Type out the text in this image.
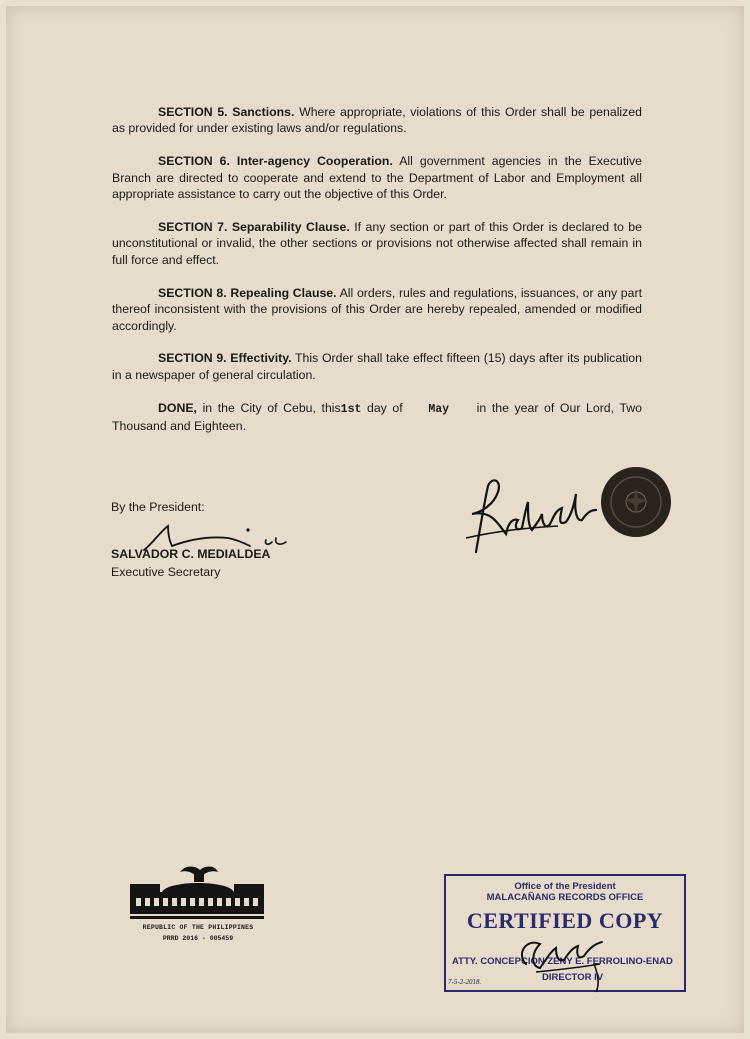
SECTION 5. Sanctions. Where appropriate, violations of this Order shall be penalized as provided for under existing laws and/or regulations.

SECTION 6. Inter-agency Cooperation. All government agencies in the Executive Branch are directed to cooperate and extend to the Department of Labor and Employment all appropriate assistance to carry out the objective of this Order.

SECTION 7. Separability Clause. If any section or part of this Order is declared to be unconstitutional or invalid, the other sections or provisions not otherwise affected shall remain in full force and effect.

SECTION 8. Repealing Clause. All orders, rules and regulations, issuances, or any part thereof inconsistent with the provisions of this Order are hereby repealed, amended or modified accordingly.

SECTION 9. Effectivity. This Order shall take effect fifteen (15) days after its publication in a newspaper of general circulation.

DONE, in the City of Cebu, this1st day of May in the year of Our Lord, Two Thousand and Eighteen.

By the President:
SALVADOR C. MEDIALDEA
Executive Secretary
REPUBLIC OF THE PHILIPPINES
PRRD 2016 - 005459
Office of the President
MALACAÑANG RECORDS OFFICE
CERTIFIED COPY
ATTY. CONCEPCION ZENY E. FERROLINO-ENAD
DIRECTOR IV
7-5-2-2018.
